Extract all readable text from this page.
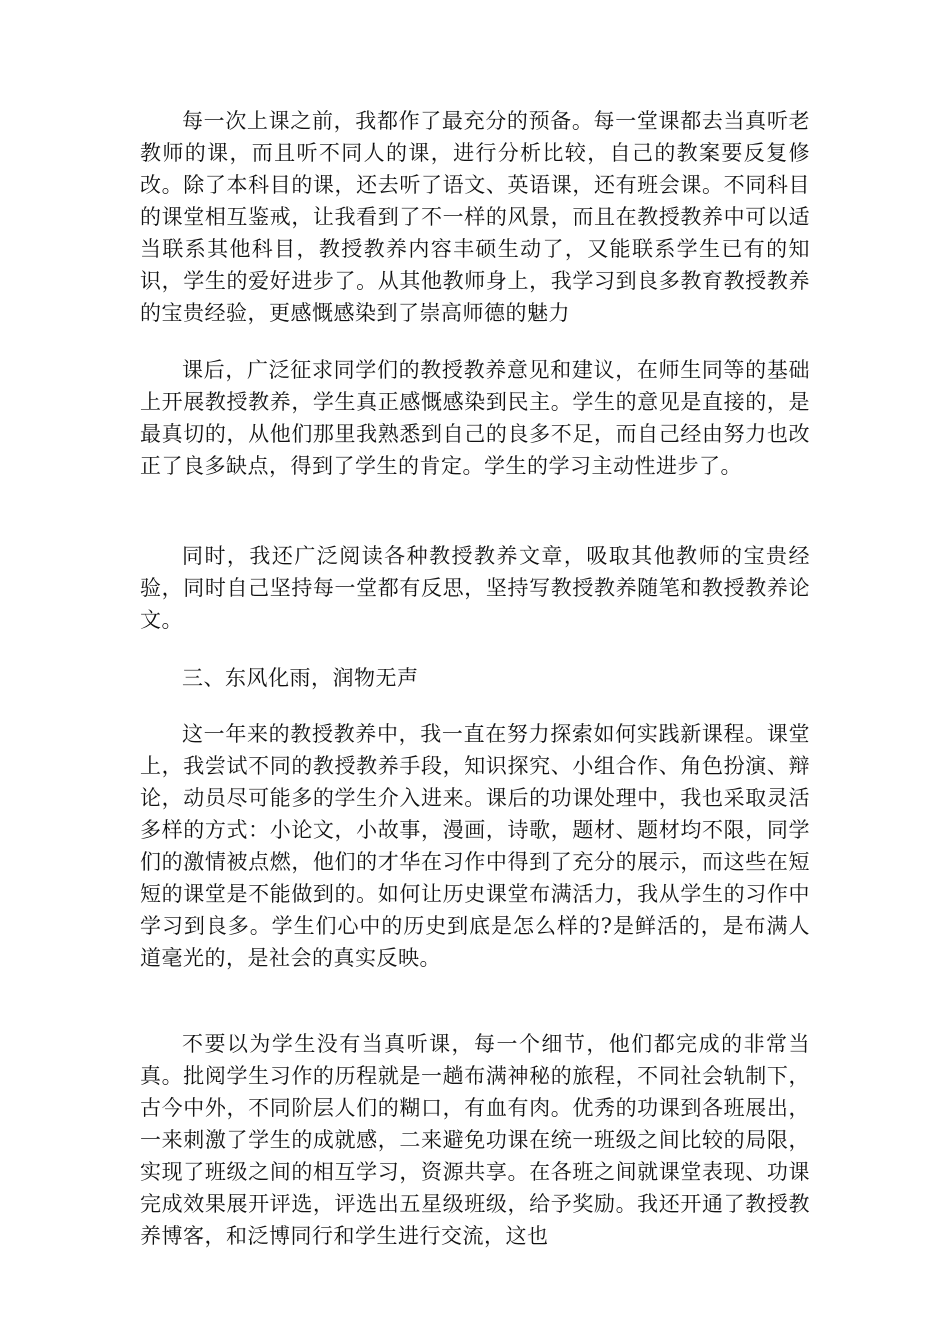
每一次上课之前，我都作了最充分的预备。每一堂课都去当真听老教师的课，而且听不同人的课，进行分析比较，自己的教案要反复修改。除了本科目的课，还去听了语文、英语课，还有班会课。不同科目的课堂相互鉴戒，让我看到了不一样的风景，而且在教授教养中可以适当联系其他科目，教授教养内容丰硕生动了，又能联系学生已有的知识，学生的爱好进步了。从其他教师身上，我学习到良多教育教授教养的宝贵经验，更感慨感染到了崇高师德的魅力

课后，广泛征求同学们的教授教养意见和建议，在师生同等的基础上开展教授教养，学生真正感慨感染到民主。学生的意见是直接的，是最真切的，从他们那里我熟悉到自己的良多不足，而自己经由努力也改正了良多缺点，得到了学生的肯定。学生的学习主动性进步了。

同时，我还广泛阅读各种教授教养文章，吸取其他教师的宝贵经验，同时自己坚持每一堂都有反思，坚持写教授教养随笔和教授教养论文。

三、东风化雨，润物无声

这一年来的教授教养中，我一直在努力探索如何实践新课程。课堂上，我尝试不同的教授教养手段，知识探究、小组合作、角色扮演、辩论，动员尽可能多的学生介入进来。课后的功课处理中，我也采取灵活多样的方式：小论文，小故事，漫画，诗歌，题材、题材均不限，同学们的激情被点燃，他们的才华在习作中得到了充分的展示，而这些在短短的课堂是不能做到的。如何让历史课堂布满活力，我从学生的习作中学习到良多。学生们心中的历史到底是怎么样的?是鲜活的，是布满人道毫光的，是社会的真实反映。

不要以为学生没有当真听课，每一个细节，他们都完成的非常当真。批阅学生习作的历程就是一趟布满神秘的旅程，不同社会轨制下，古今中外，不同阶层人们的糊口，有血有肉。优秀的功课到各班展出，一来刺激了学生的成就感，二来避免功课在统一班级之间比较的局限，实现了班级之间的相互学习，资源共享。在各班之间就课堂表现、功课完成效果展开评选，评选出五星级班级，给予奖励。我还开通了教授教养博客，和泛博同行和学生进行交流，这也
